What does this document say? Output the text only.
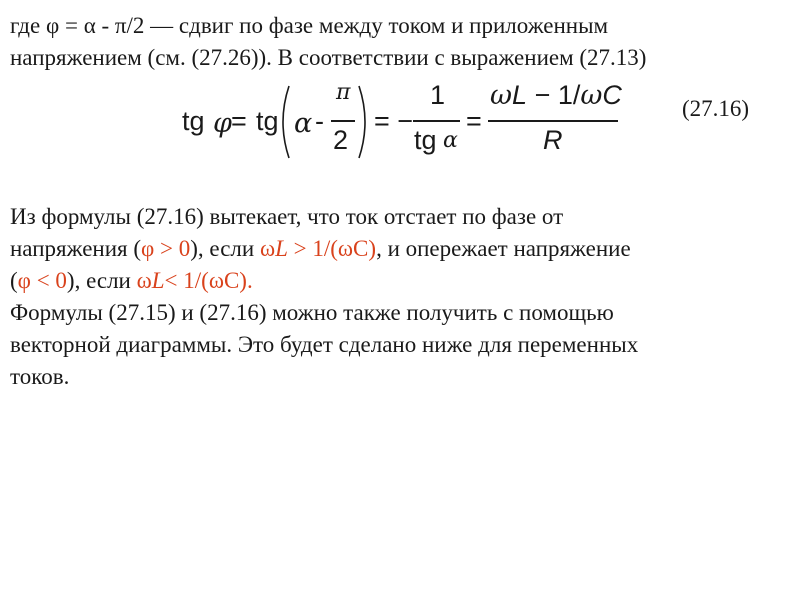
где φ = α - π/2 — сдвиг по фазе между током и приложенным
напряжением (см. (27.26)). В соответствии с выражением (27.13)

tg φ = tg α -
π
2
= −
1
tg α
=
ωL − 1/ωC
R
(27.16)

Из формулы (27.16) вытекает, что ток отстает по фазе от
напряжения (φ > 0), если ωL > 1/(ωC), и опережает напряжение
(φ < 0), если ωL< 1/(ωC).
Формулы (27.15) и (27.16) можно также получить с помощью
векторной диаграммы. Это будет сделано ниже для переменных
токов.
